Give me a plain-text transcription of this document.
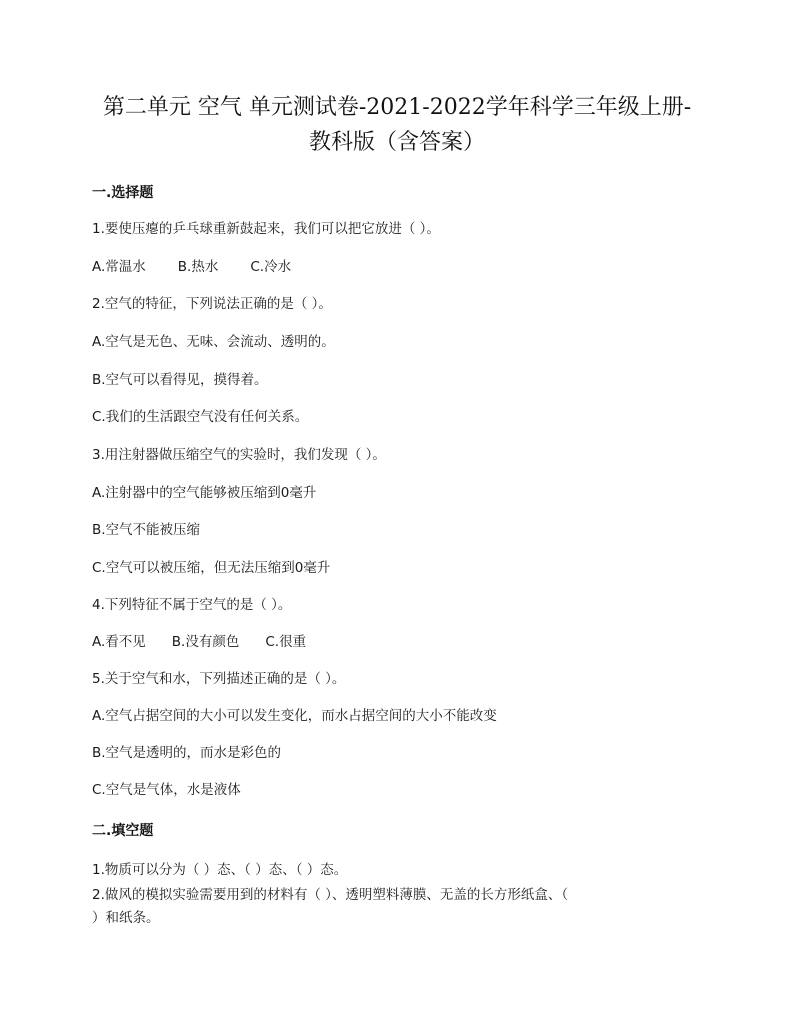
第二单元 空气 单元测试卷-2021-2022学年科学三年级上册-
教科版（含答案）
一.选择题
1.要使压瘪的乒乓球重新鼓起来，我们可以把它放进（ ）。
A.常温水 B.热水 C.冷水
2.空气的特征，下列说法正确的是（ ）。
A.空气是无色、无味、会流动、透明的。
B.空气可以看得见，摸得着。
C.我们的生活跟空气没有任何关系。
3.用注射器做压缩空气的实验时，我们发现（ ）。
A.注射器中的空气能够被压缩到0毫升
B.空气不能被压缩
C.空气可以被压缩，但无法压缩到0毫升
4.下列特征不属于空气的是（ ）。
A.看不见 B.没有颜色 C.很重
5.关于空气和水，下列描述正确的是（ ）。
A.空气占据空间的大小可以发生变化，而水占据空间的大小不能改变
B.空气是透明的，而水是彩色的
C.空气是气体，水是液体
二.填空题
1.物质可以分为（ ）态、（ ）态、（ ）态。
2.做风的模拟实验需要用到的材料有（ ）、透明塑料薄膜、无盖的长方形纸盒、（
）和纸条。
